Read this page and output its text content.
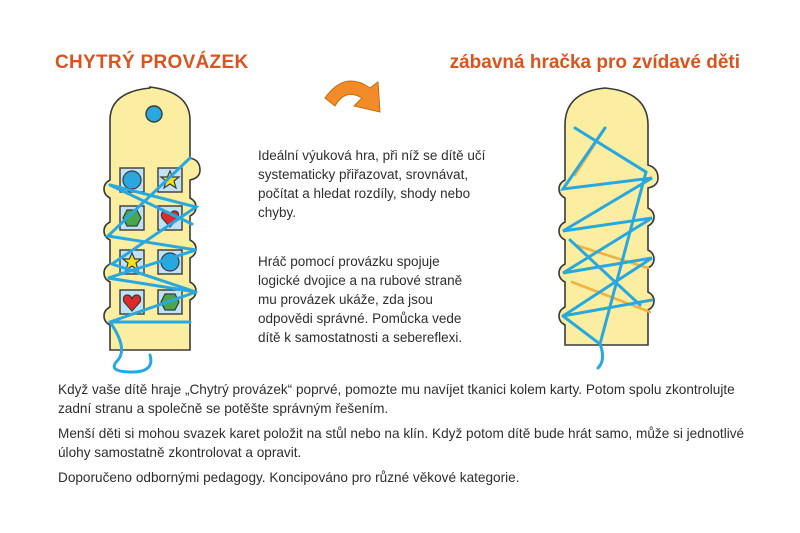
CHYTRÝ PROVÁZEK	zábavná hračka pro zvídavé děti
Ideální výuková hra, při níž se dítě učí systematicky přiřazovat, srovnávat, počítat a hledat rozdíly, shody nebo chyby.
Hráč pomocí provázku spojuje logické dvojice a na rubové straně mu provázek ukáže, zda jsou odpovědi správné. Pomůcka vede dítě k samostatnosti a sebereflexi.

Když vaše dítě hraje „Chytrý provázek“ poprvé, pomozte mu navíjet tkanici kolem karty. Potom spolu zkontrolujte zadní stranu a společně se potěšte správným řešením.

Menší děti si mohou svazek karet položit na stůl nebo na klín. Když potom dítě bude hrát samo, může si jednotlivé úlohy samostatně zkontrolovat a opravit.

Doporučeno odbornými pedagogy. Koncipováno pro různé věkové kategorie.
